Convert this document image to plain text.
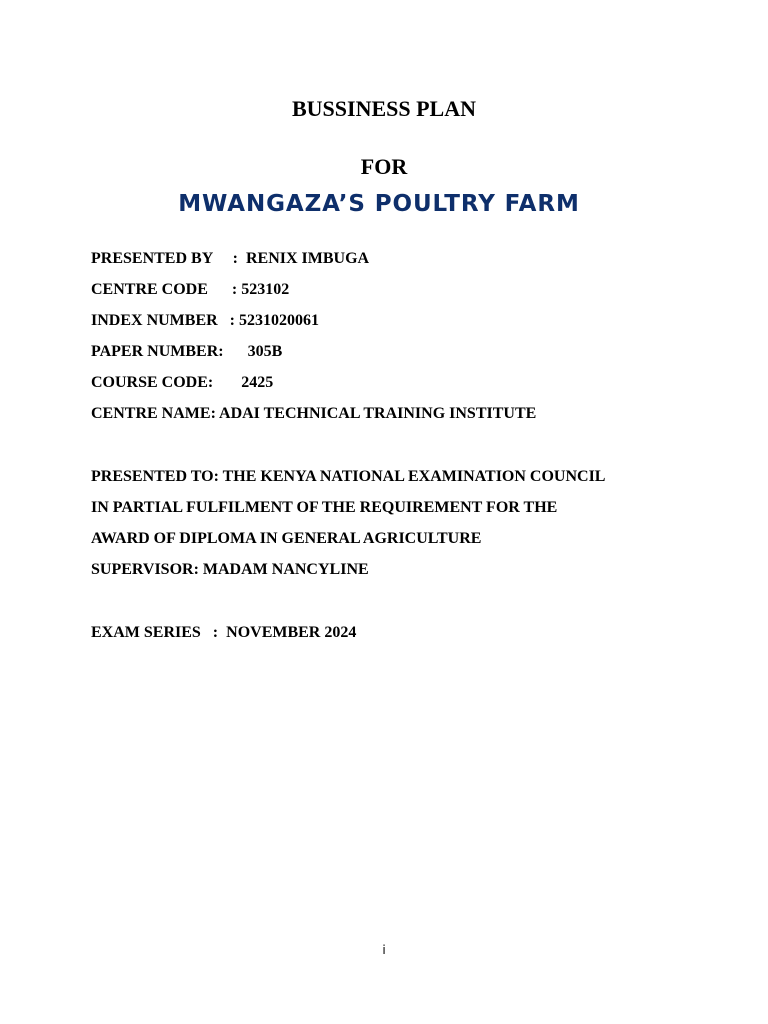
BUSSINESS PLAN
FOR
MWANGAZA’S POULTRY FARM

PRESENTED BY     :  RENIX IMBUGA

CENTRE CODE      : 523102

INDEX NUMBER   : 5231020061

PAPER NUMBER:      305B

COURSE CODE:       2425

CENTRE NAME: ADAI TECHNICAL TRAINING INSTITUTE

PRESENTED TO: THE KENYA NATIONAL EXAMINATION COUNCIL

IN PARTIAL FULFILMENT OF THE REQUIREMENT FOR THE

AWARD OF DIPLOMA IN GENERAL AGRICULTURE

SUPERVISOR: MADAM NANCYLINE

EXAM SERIES   :  NOVEMBER 2024

i
